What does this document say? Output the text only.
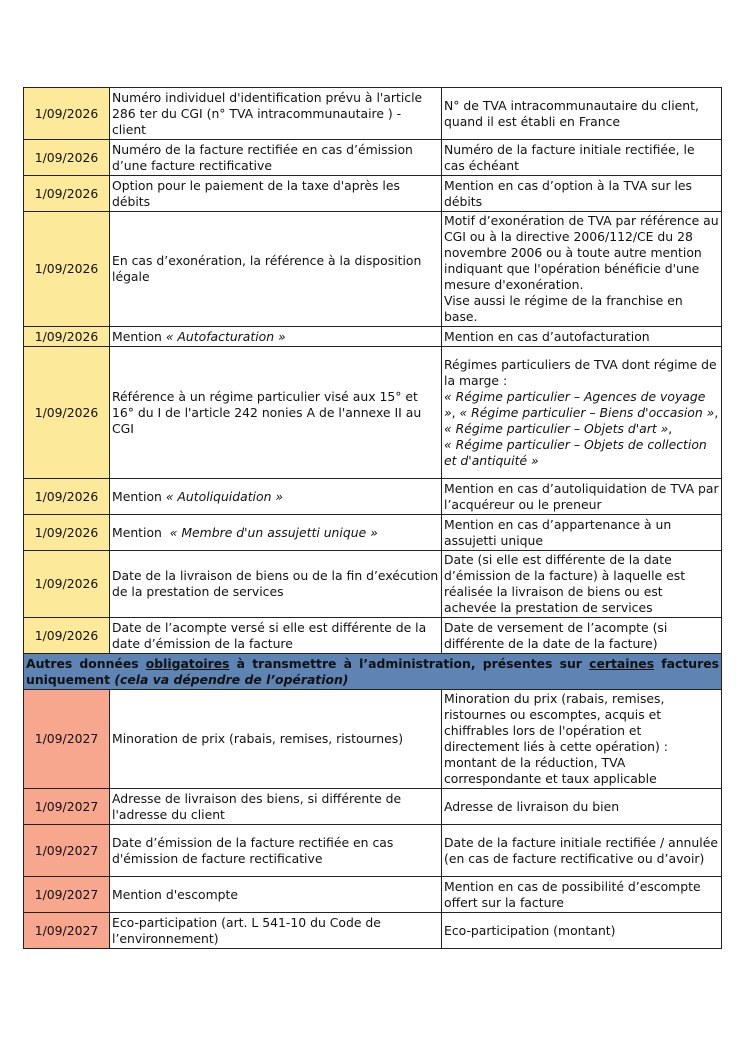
1/09/2026	Numéro individuel d'identification prévu à l'article 286 ter du CGI (n° TVA intracommunautaire ) - client	N° de TVA intracommunautaire du client, quand il est établi en France
1/09/2026	Numéro de la facture rectifiée en cas d’émission d’une facture rectificative	Numéro de la facture initiale rectifiée, le cas échéant
1/09/2026	Option pour le paiement de la taxe d'après les débits	Mention en cas d’option à la TVA sur les débits
1/09/2026	En cas d’exonération, la référence à la disposition légale	Motif d’exonération de TVA par référence au CGI ou à la directive 2006/112/CE du 28 novembre 2006 ou à toute autre mention indiquant que l'opération bénéficie d'une mesure d'exonération.
Vise aussi le régime de la franchise en base.

1/09/2026	Mention « Autofacturation »	Mention en cas d’autofacturation
1/09/2026	Référence à un régime particulier visé aux 15° et 16° du I de l'article 242 nonies A de l'annexe II au CGI	Régimes particuliers de TVA dont régime de la marge :
« Régime particulier – Agences de voyage », « Régime particulier – Biens d'occasion », « Régime particulier – Objets d'art »,
« Régime particulier – Objets de collection et d'antiquité »

1/09/2026	Mention « Autoliquidation »	Mention en cas d’autoliquidation de TVA par l’acquéreur ou le preneur
1/09/2026	Mention  « Membre d'un assujetti unique »	Mention en cas d’appartenance à un assujetti unique
1/09/2026	Date de la livraison de biens ou de la fin d’exécution de la prestation de services	Date (si elle est différente de la date d’émission de la facture) à laquelle est réalisée la livraison de biens ou est achevée la prestation de services
1/09/2026	Date de l’acompte versé si elle est différente de la date d’émission de la facture	Date de versement de l’acompte (si différente de la date de la facture)
Autres données obligatoires à transmettre à l’administration, présentes sur certaines factures uniquement (cela va dépendre de l’opération)		
1/09/2027	Minoration de prix (rabais, remises, ristournes)	Minoration du prix (rabais, remises, ristournes ou escomptes, acquis et chiffrables lors de l'opération et directement liés à cette opération) : montant de la réduction, TVA correspondante et taux applicable
1/09/2027	Adresse de livraison des biens, si différente de l'adresse du client	Adresse de livraison du bien
1/09/2027	Date d’émission de la facture rectifiée en cas d'émission de facture rectificative	Date de la facture initiale rectifiée / annulée (en cas de facture rectificative ou d’avoir)
1/09/2027	Mention d'escompte	Mention en cas de possibilité d’escompte offert sur la facture
1/09/2027	Eco-participation (art. L 541-10 du Code de l’environnement)	Eco-participation (montant)
